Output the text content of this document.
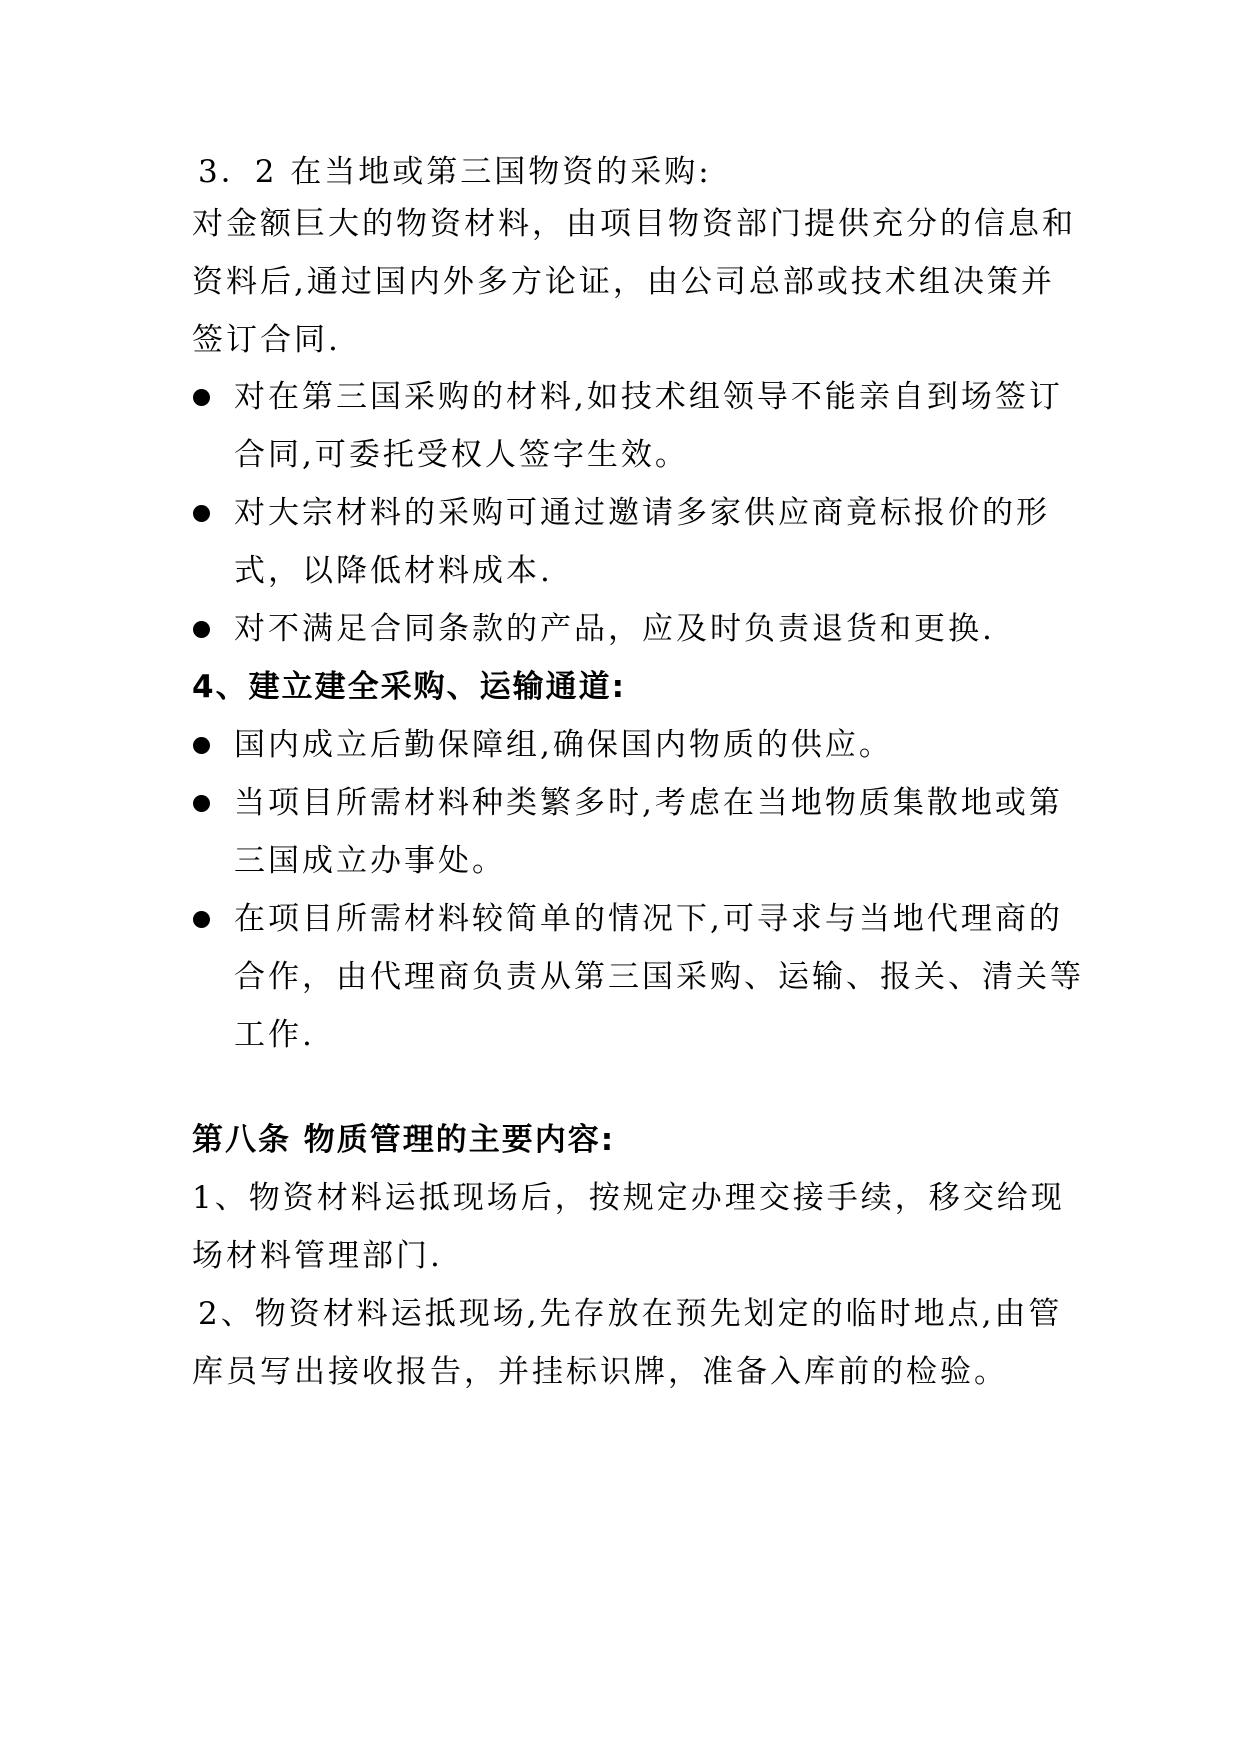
3．2 在当地或第三国物资的采购:
对金额巨大的物资材料，由项目物资部门提供充分的信息和
资料后,通过国内外多方论证，由公司总部或技术组决策并
签订合同.
对在第三国采购的材料,如技术组领导不能亲自到场签订
合同,可委托受权人签字生效。
对大宗材料的采购可通过邀请多家供应商竟标报价的形
式，以降低材料成本.
对不满足合同条款的产品，应及时负责退货和更换.
4、建立建全采购、运输通道:
国内成立后勤保障组,确保国内物质的供应。
当项目所需材料种类繁多时,考虑在当地物质集散地或第
三国成立办事处。
在项目所需材料较简单的情况下,可寻求与当地代理商的
合作，由代理商负责从第三国采购、运输、报关、清关等
工作.
第八条 物质管理的主要内容:
1、物资材料运抵现场后，按规定办理交接手续，移交给现
场材料管理部门.
2、物资材料运抵现场,先存放在预先划定的临时地点,由管
库员写出接收报告，并挂标识牌，准备入库前的检验。
